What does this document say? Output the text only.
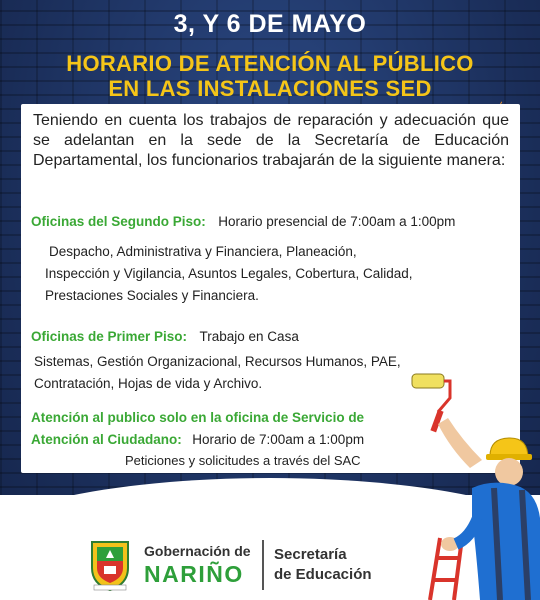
3, Y 6 DE MAYO
HORARIO DE ATENCIÓN AL PÚBLICO
EN LAS INSTALACIONES SED

Teniendo en cuenta los trabajos de reparación y adecuación que se adelantan en la sede de la Secretaría de Educación Departamental, los funcionarios trabajarán de la siguiente manera:

Oficinas del Segundo Piso: Horario presencial de 7:00am a 1:00pm
Despacho, Administrativa y Financiera, Planeación,
Inspección y Vigilancia, Asuntos Legales, Cobertura, Calidad,
Prestaciones Sociales y Financiera.
Oficinas de Primer Piso: Trabajo en Casa
Sistemas, Gestión Organizacional, Recursos Humanos, PAE,
Contratación, Hojas de vida y Archivo.
Atención al publico solo en la oficina de Servicio de
Atención al Ciudadano: Horario de 7:00am a 1:00pm
Peticiones y solicitudes a través del SAC
Gobernación de
NARIÑO
Secretaría
de Educación
